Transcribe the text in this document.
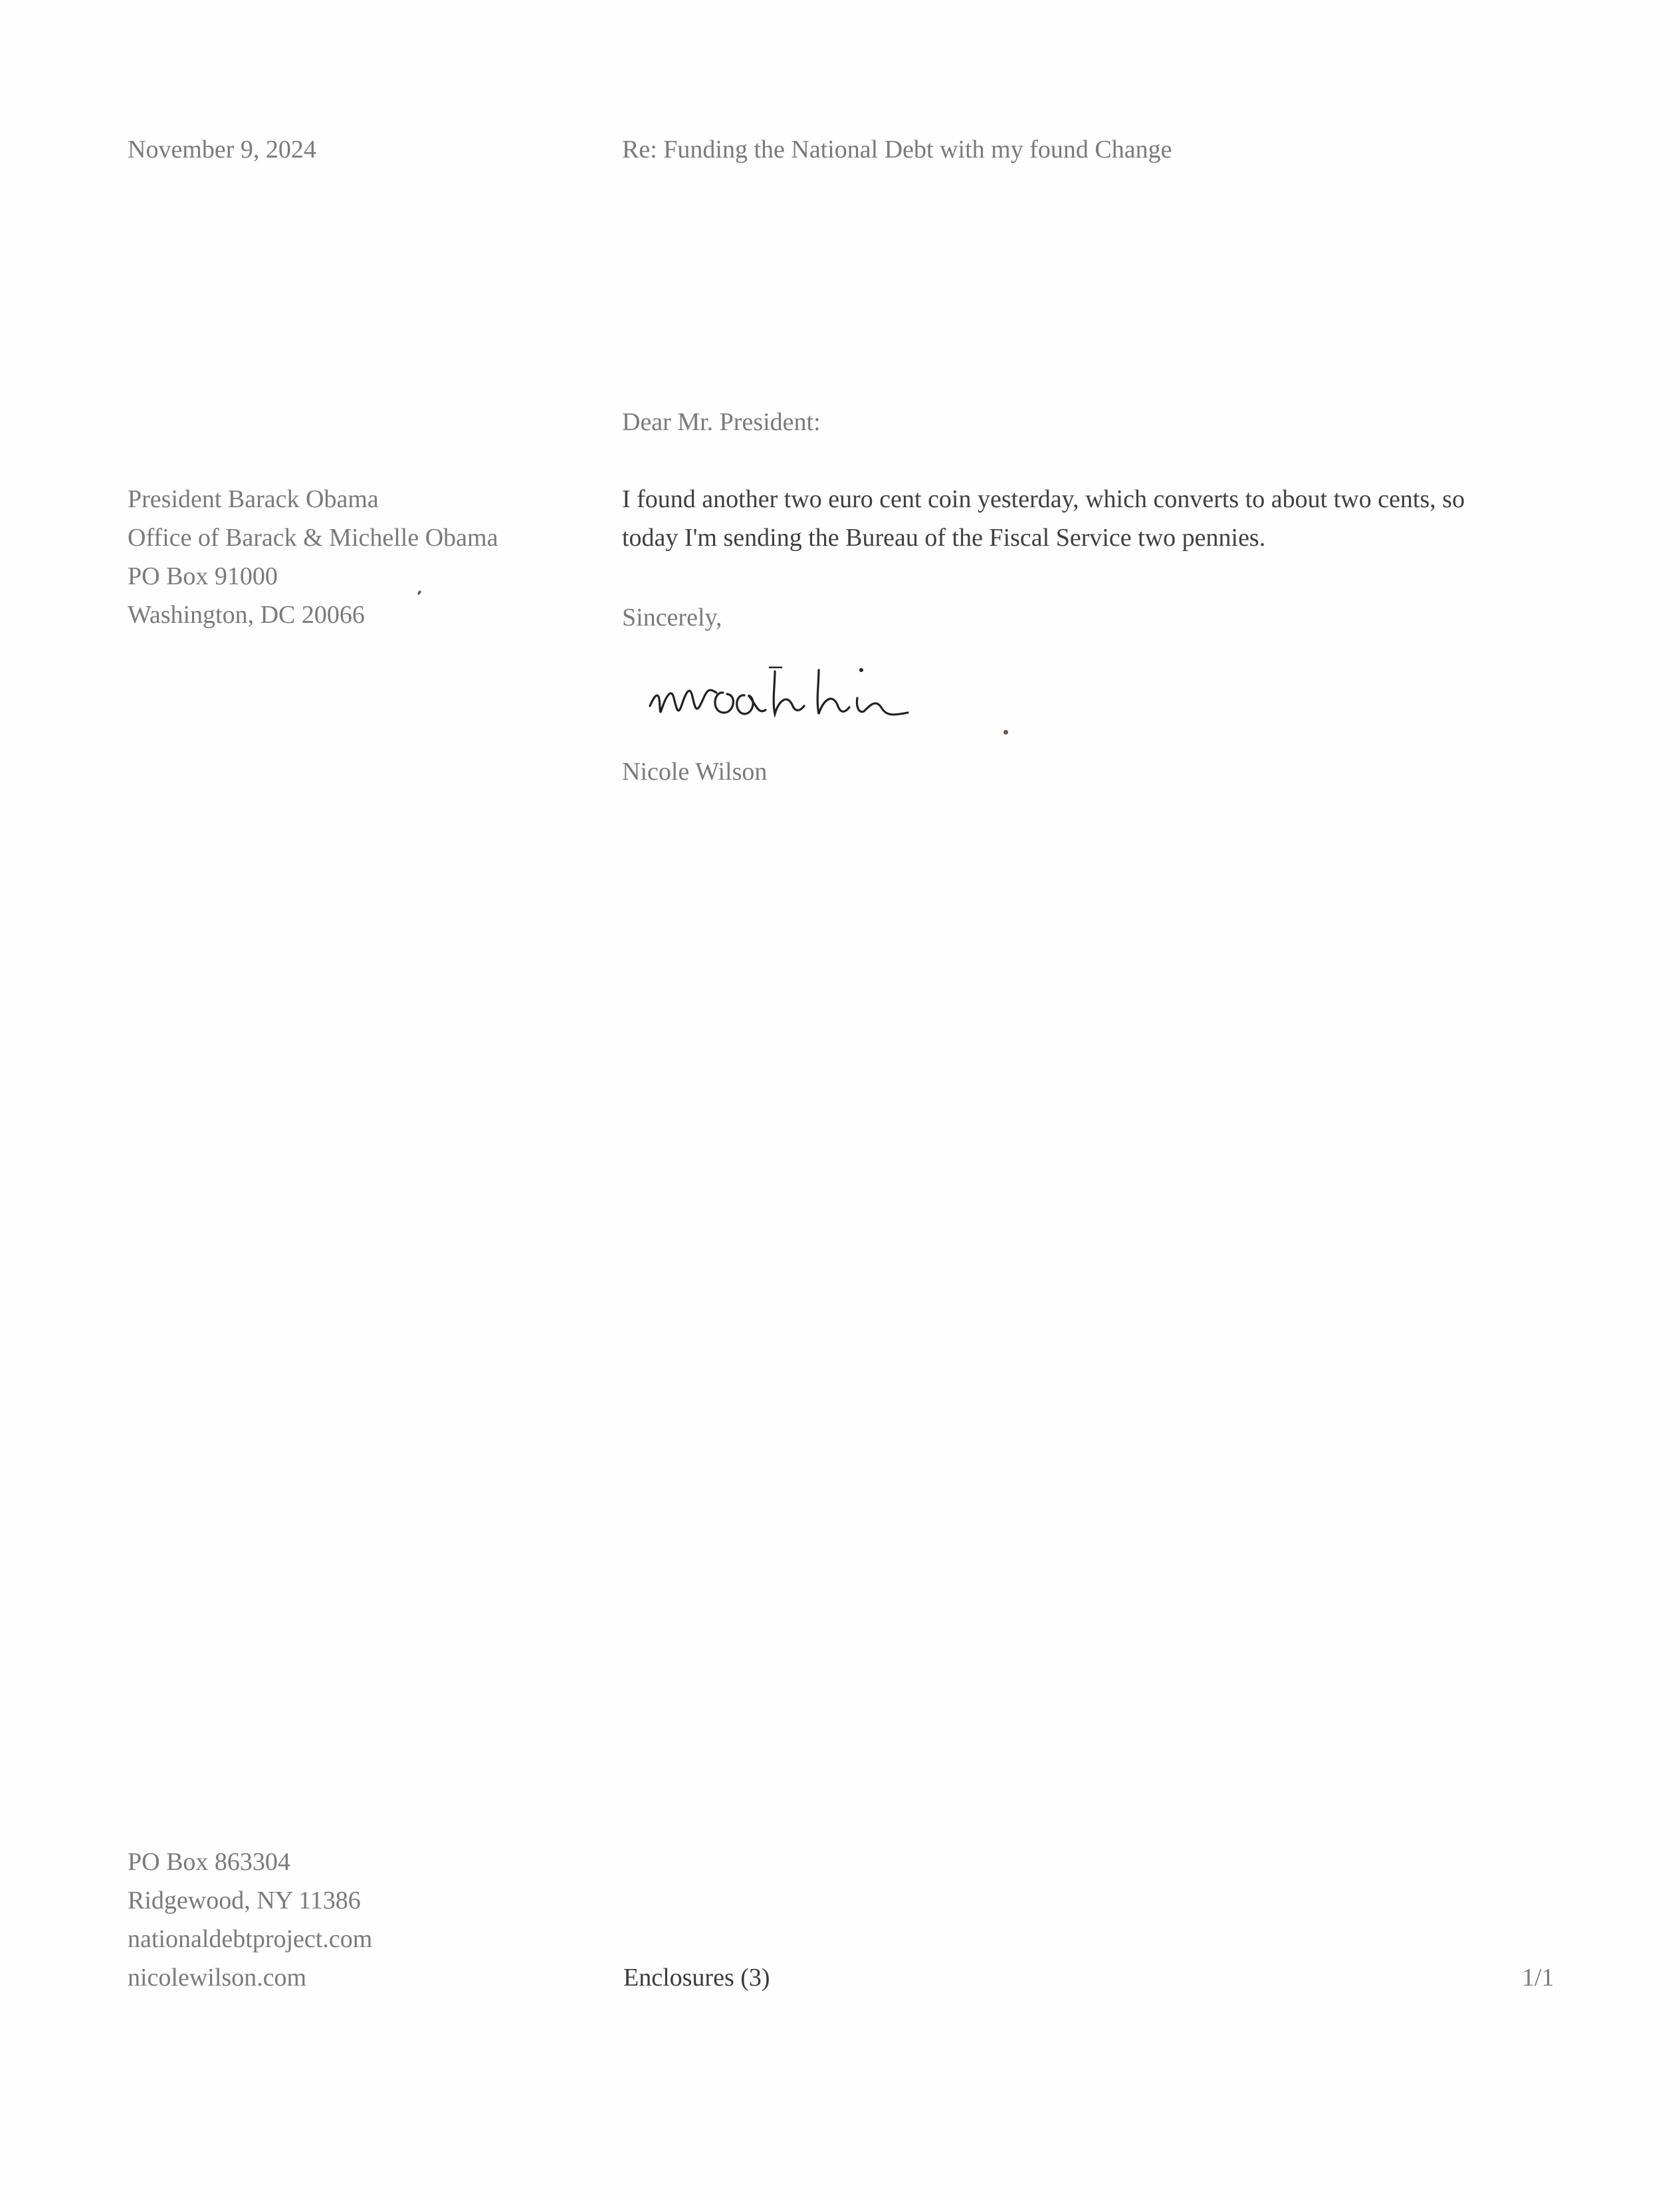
November 9, 2024	Re: Funding the National Debt with my found Change
Dear Mr. President:
President Barack Obama
Office of Barack & Michelle Obama
PO Box 91000
Washington, DC 20066

I found another two euro cent coin yesterday, which converts to about two cents, so

today I'm sending the Bureau of the Fiscal Service two pennies.

Sincerely,
Nicole Wilson
PO Box 863304
Ridgewood, NY 11386
nationaldebtproject.com
nicolewilson.com	Enclosures (3)	1/1
